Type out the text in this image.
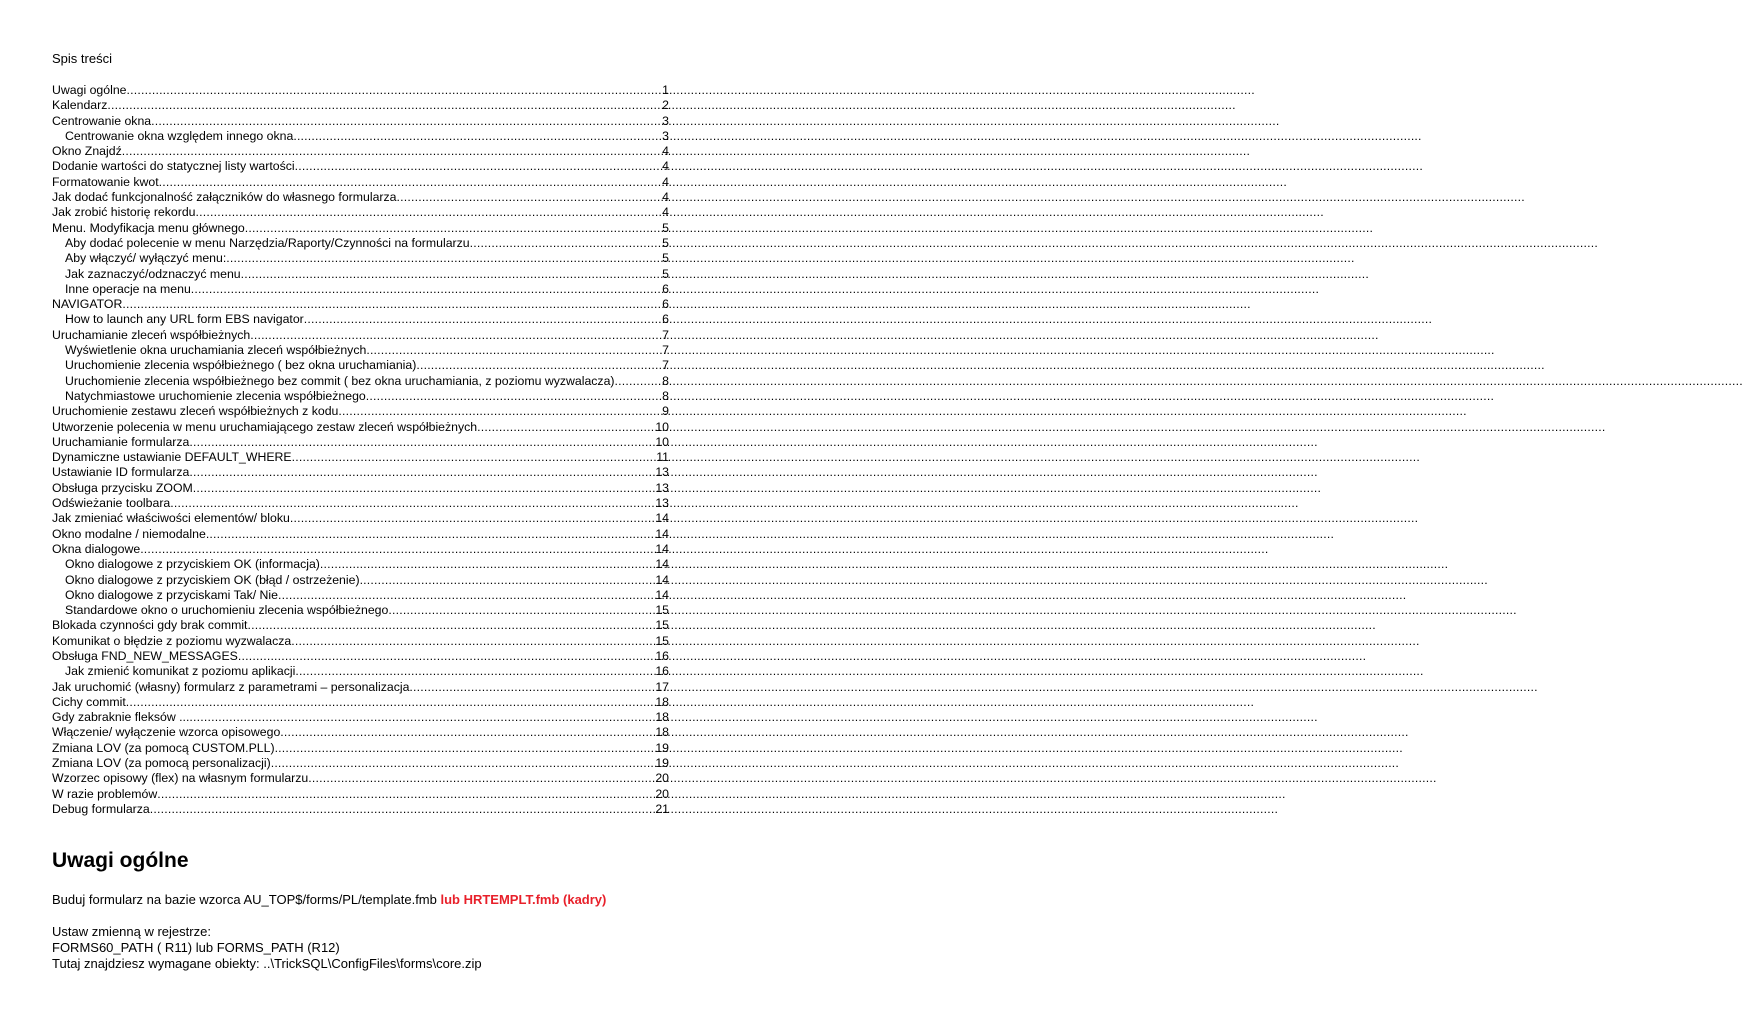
Spis treści
Uwagi ogólne .....	1
Kalendarz .....	2
Centrowanie okna .....	3
Centrowanie okna względem innego okna .....	3
Okno Znajdź .....	4
Dodanie wartości do statycznej listy wartości .....	4
Formatowanie kwot .....	4
Jak dodać funkcjonalność załączników do własnego formularza .....	4
Jak zrobić historię rekordu .....	4
Menu. Modyfikacja menu głównego .....	5
Aby dodać polecenie w menu Narzędzia/Raporty/Czynności na formularzu .....	5
Aby włączyć/ wyłączyć menu: .....	5
Jak zaznaczyć/odznaczyć menu .....	5
Inne operacje na menu .....	6
NAVIGATOR .....	6
How to launch any URL form EBS navigator .....	6
Uruchamianie zleceń współbieżnych .....	7
Wyświetlenie okna uruchamiania zleceń współbieżnych .....	7
Uruchomienie zlecenia współbieżnego ( bez okna uruchamiania) .....	7
Uruchomienie zlecenia współbieżnego bez commit ( bez okna uruchamiania, z poziomu wyzwalacza) .....	8
Natychmiastowe uruchomienie zlecenia współbieżnego .....	8
Uruchomienie zestawu zleceń współbieżnych z kodu .....	9
Utworzenie polecenia w menu uruchamiającego zestaw zleceń współbieżnych .....	10
Uruchamianie formularza .....	10
Dynamiczne ustawianie DEFAULT_WHERE .....	11
Ustawianie ID formularza .....	13
Obsługa przycisku ZOOM .....	13
Odświeżanie toolbara .....	13
Jak zmieniać właściwości elementów/ bloku .....	14
Okno modalne / niemodalne .....	14
Okna dialogowe .....	14
Okno dialogowe z przyciskiem OK (informacja) .....	14
Okno dialogowe z przyciskiem OK (błąd / ostrzeżenie) .....	14
Okno dialogowe z przyciskami Tak/ Nie .....	14
Standardowe okno o uruchomieniu zlecenia współbieżnego .....	15
Blokada czynności gdy brak commit .....	15
Komunikat o błędzie z poziomu wyzwalacza .....	15
Obsługa FND_NEW_MESSAGES .....	16
Jak zmienić komunikat z poziomu aplikacji .....	16
Jak uruchomić (własny) formularz z parametrami – personalizacja .....	17
Cichy commit .....	18
Gdy zabraknie fleksów ... .....	18
Włączenie/ wyłączenie wzorca opisowego .....	18
Zmiana LOV (za pomocą CUSTOM.PLL) .....	19
Zmiana LOV (za pomocą personalizacji) .....	19
Wzorzec opisowy (flex) na własnym formularzu .....	20
W razie problemów .....	20
Debug formularza .....	21
Uwagi ogólne
Buduj formularz na bazie wzorca AU_TOP$/forms/PL/template.fmb lub HRTEMPLT.fmb (kadry)
Ustaw zmienną w rejestrze:
FORMS60_PATH ( R11) lub FORMS_PATH (R12)
Tutaj znajdziesz wymagane obiekty: ..\TrickSQL\ConfigFiles\forms\core.zip
